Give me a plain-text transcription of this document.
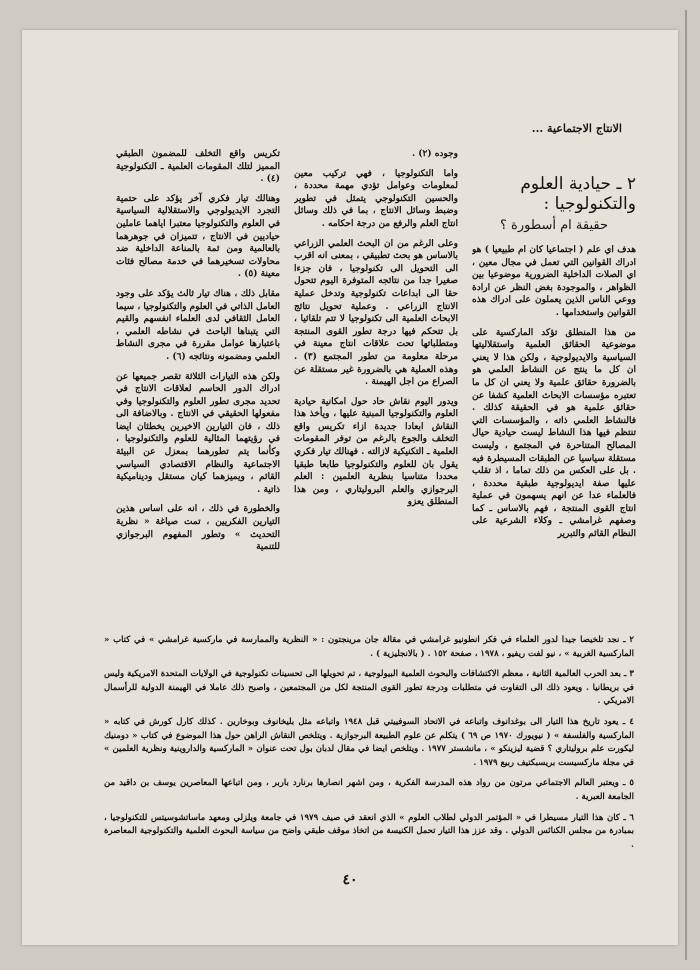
الانتاج الاجتماعية ...
٢ ـ حيادية العلوم والتكنولوجيا :
حقيقة ام أسطورة ؟

هدف اي علم ( اجتماعيا كان ام طبيعيا ) هو ادراك القوانين التي تعمل في مجال معين ، اي الصلات الداخلية الضرورية موضوعيا بين الظواهر ، والموجودة بغض النظر عن ارادة ووعي الناس الذين يعملون على ادراك هذه القوانين واستخدامها .

من هذا المنطلق تؤكد الماركسية على موضوعية الحقائق العلمية واستقلاليتها السياسية والايديولوجية ، ولكن هذا لا يعني ان كل ما ينتج عن النشاط العلمي هو بالضرورة حقائق علمية ولا يعني ان كل ما تعتبره مؤسسات الابحاث العلمية كشفا عن حقائق علمية هو في الحقيقة كذلك . فالنشاط العلمي ذاته ، والمؤسسات التي تنتظم فيها هذا النشاط ليست حيادية حيال المصالح المتناحرة في المجتمع ، وليست مستقلة سياسيا عن الطبقات المسيطرة فيه . بل على العكس من ذلك تماما ، اذ تقلب عليها صفة ايديولوجية طبقية محددة ، فالعلماء عدا عن انهم يسهمون في عملية انتاج القوى المنتجة ، فهم بالاساس ـ كما وصفهم غرامشي ـ وكلاء الشرعية على النظام القائم والتبرير

وجوده (٢) .

واما التكنولوجيا ، فهي تركيب معين لمعلومات وعوامل تؤدي مهمة محددة ، والحسين التكنولوجي يتمثل في تطوير وضبط وسائل الانتاج ، بما في ذلك وسائل انتاج العلم والرفع من درجة احكامه .

وعلى الرغم من ان البحث العلمي الزراعي بالاساس هو بحث تطبيقي ، بمعنى انه اقرب الى التحويل الى تكنولوجيا ، فان جزءا صغيرا جدا من نتائجه المتوفرة اليوم تتحول حقا الى ابداعات تكنولوجية وتدخل عملية الانتاج الزراعي . وعملية تحويل نتائج الابحاث العلمية الى تكنولوجيا لا تتم تلقائيا ، بل تتحكم فيها درجة تطور القوى المنتجة ومتطلباتها تحت علاقات انتاج معينة في مرحلة معلومة من تطور المجتمع (٣) . وهذه العملية هي بالضرورة غير مستقلة عن الصراع من اجل الهيمنة .

ويدور اليوم نقاش حاد حول امكانية حيادية العلوم والتكنولوجيا المبنية عليها ، ويأخذ هذا النقاش ابعادا جديدة ازاء تكريس واقع التخلف والجوع بالرغم من توفر المقومات العلمية ـ التكنيكية لازالته . فهنالك تيار فكري يقول بان للعلوم والتكنولوجيا طابعا طبقيا محددا متناسيا بنظرية العلمين : العلم البرجوازي والعلم البروليتاري ، ومن هذا المنطلق يعزو

تكريس واقع التخلف للمضمون الطبقي المميز لتلك المقومات العلمية ـ التكنولوجية (٤) .

وهنالك تيار فكري آخر يؤكد على حتمية التجرد الايديولوجي والاستقلالية السياسية في العلوم والتكنولوجيا معتبرا اياهما عاملين حياديين في الانتاج ، تتميزان في جوهرهما بالعالمية ومن ثمة بالمناعة الداخلية ضد محاولات تسخيرهما في خدمة مصالح فئات معينة (٥) .

مقابل ذلك ، هناك تيار ثالث يؤكد على وجود العامل الذاتي في العلوم والتكنولوجيا ، سيما العامل الثقافي لدى العلماء انفسهم والقيم التي يتبناها الباحث في نشاطه العلمي ، باعتبارها عوامل مقررة في مجرى النشاط العلمي ومضمونه ونتائجه (٦) .

ولكن هذه التيارات الثلاثة تقصر جميعها عن ادراك الدور الحاسم لعلاقات الانتاج في تحديد مجرى تطور العلوم والتكنولوجيا وفي مفعولها الحقيقي في الانتاج . وبالاضافة الى ذلك ، فان التيارين الاخيرين يخطئان ايضا في رؤيتهما المثالية للعلوم والتكنولوجيا ، وكأنما يتم تطورهما بمعزل عن البيئة الاجتماعية والنظام الاقتصادي السياسي القائم ، ويميزهما كيان مستقل وديناميكية ذاتية .

والخطورة في ذلك ، انه على اساس هذين التيارين الفكريين ، تمت صياغة « نظرية التحديث » وتطور المفهوم البرجوازي للتنمية

٢ ـ نجد تلخيصا جيدا لدور العلماء في فكر انطونيو غرامشي في مقالة جان مرينجتون : « النظرية والممارسة في ماركسية غرامشي » في كتاب « الماركسية الغربية » ، نيو لفت ريفيو ، ١٩٧٨ ، صفحة ١٥٢ . ( بالانجليزية ) .

٣ ـ بعد الحرب العالمية الثانية ، معظم الاكتشافات والبحوث العلمية البيولوجية ، تم تحويلها الى تحسينات تكنولوجية في الولايات المتحدة الامريكية وليس في بريطانيا . ويعود ذلك الى التفاوت في متطلبات ودرجة تطور القوى المنتجة لكل من المجتمعين ، واصبح ذلك عاملا في الهيمنة الدولية للرأسمال الامريكي .

٤ ـ يعود تاريخ هذا التيار الى بوغدانوف واتباعه في الاتحاد السوفييتي قبل ١٩٤٨ واتباعه مثل بليخانوف وبوخارين . كذلك كارل كورش في كتابه « الماركسية والفلسفة » ( نيويورك ١٩٧٠ ص ٦٩ ) يتكلم عن علوم الطبيعة البرجوازية . ويتلخص النقاش الراهن حول هذا الموضوع في كتاب « دومنيك ليكورت علم بروليتاري ؟ قضية ليزينكو » ، مانشستر ١٩٧٧ . ويتلخص ايضا في مقال لدبان بول تحت عنوان « الماركسية والداروينية ونظرية العلمين » في مجلة ماركسيست بريسبكتيف ربيع ١٩٧٩ .

٥ ـ ويعتبر العالم الاجتماعي مرتون من رواد هذه المدرسة الفكرية ، ومن اشهر انصارها برنارد باربر ، ومن اتباعها المعاصرين يوسف بن داقيد من الجامعة العبرية .

٦ ـ كان هذا التيار مسيطرا في « المؤتمر الدولي لطلاب العلوم » الذي انعقد في صيف ١٩٧٩ في جامعة ويلزلي ومعهد ماساتشوسيتس للتكنولوجيا ، بمبادرة من مجلس الكنائس الدولي . وقد عزز هذا التيار تحمل الكنيسة من اتخاذ موقف طبقي واضح من سياسة البحوث العلمية والتكنولوجية المعاصرة .

٤٠
